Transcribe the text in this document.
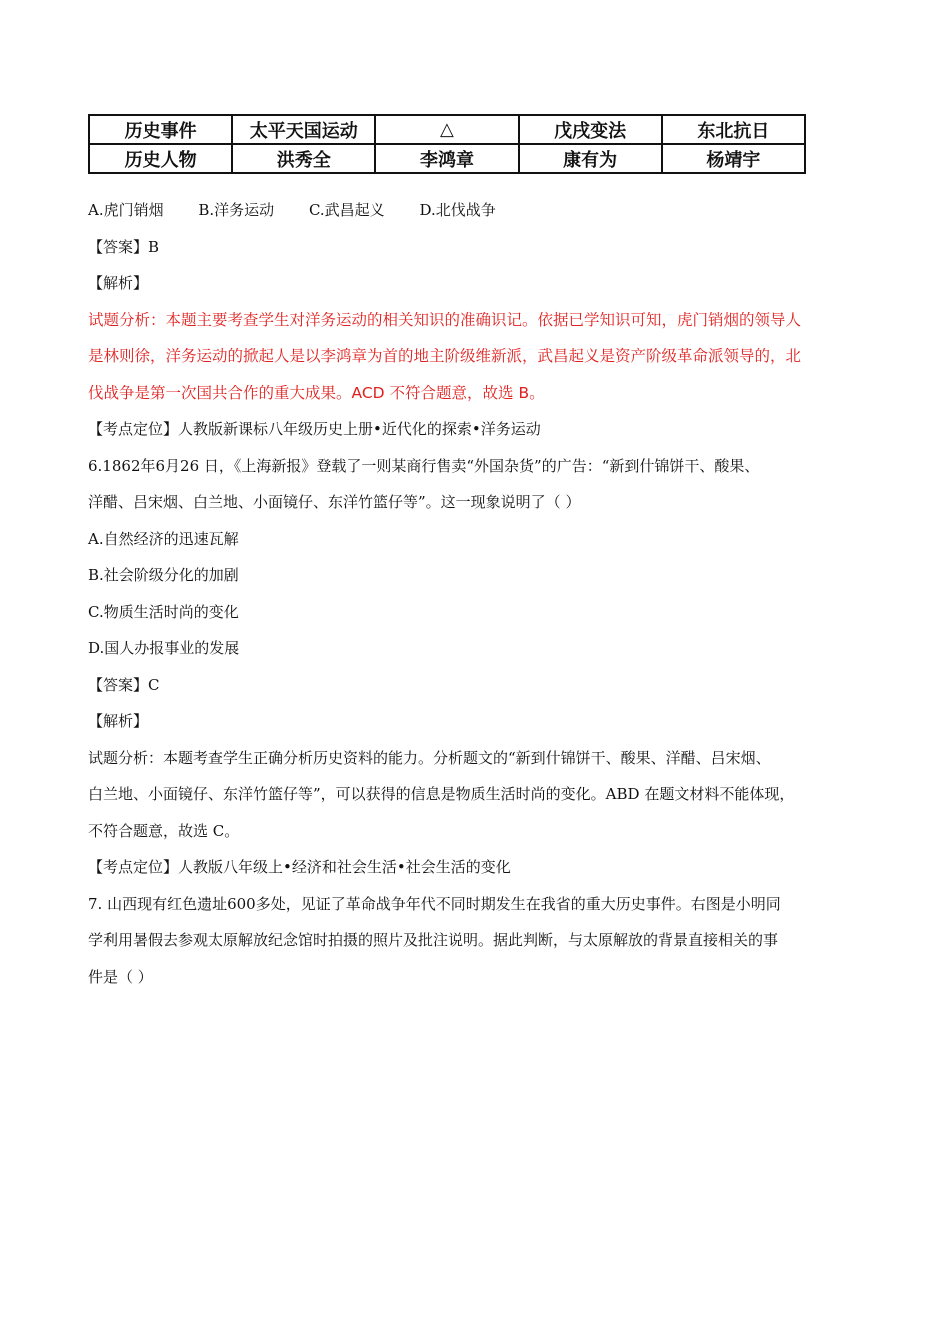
历史事件	太平天国运动	△	戊戌变法	东北抗日
历史人物	洪秀全	李鸿章	康有为	杨靖宇
A.虎门销烟 B.洋务运动 C.武昌起义 D.北伐战争
【答案】B
【解析】
试题分析：本题主要考查学生对洋务运动的相关知识的准确识记。依据已学知识可知，虎门销烟的领导人
是林则徐，洋务运动的掀起人是以李鸿章为首的地主阶级维新派，武昌起义是资产阶级革命派领导的，北
伐战争是第一次国共合作的重大成果。ACD 不符合题意，故选 B。
【考点定位】人教版新课标八年级历史上册•近代化的探索•洋务运动
6.1862年6月26 日，《上海新报》登载了一则某商行售卖“外国杂货”的广告：“新到什锦饼干、酸果、
洋醋、吕宋烟、白兰地、小面镜仔、东洋竹篮仔等”。这一现象说明了（ ）
A.自然经济的迅速瓦解
B.社会阶级分化的加剧
C.物质生活时尚的变化
D.国人办报事业的发展
【答案】C
【解析】
试题分析：本题考查学生正确分析历史资料的能力。分析题文的“新到什锦饼干、酸果、洋醋、吕宋烟、
白兰地、小面镜仔、东洋竹篮仔等”，可以获得的信息是物质生活时尚的变化。ABD 在题文材料不能体现，
不符合题意，故选 C。
【考点定位】人教版八年级上•经济和社会生活•社会生活的变化
7. 山西现有红色遗址600多处，见证了革命战争年代不同时期发生在我省的重大历史事件。右图是小明同
学利用暑假去参观太原解放纪念馆时拍摄的照片及批注说明。据此判断，与太原解放的背景直接相关的事
件是（ ）
